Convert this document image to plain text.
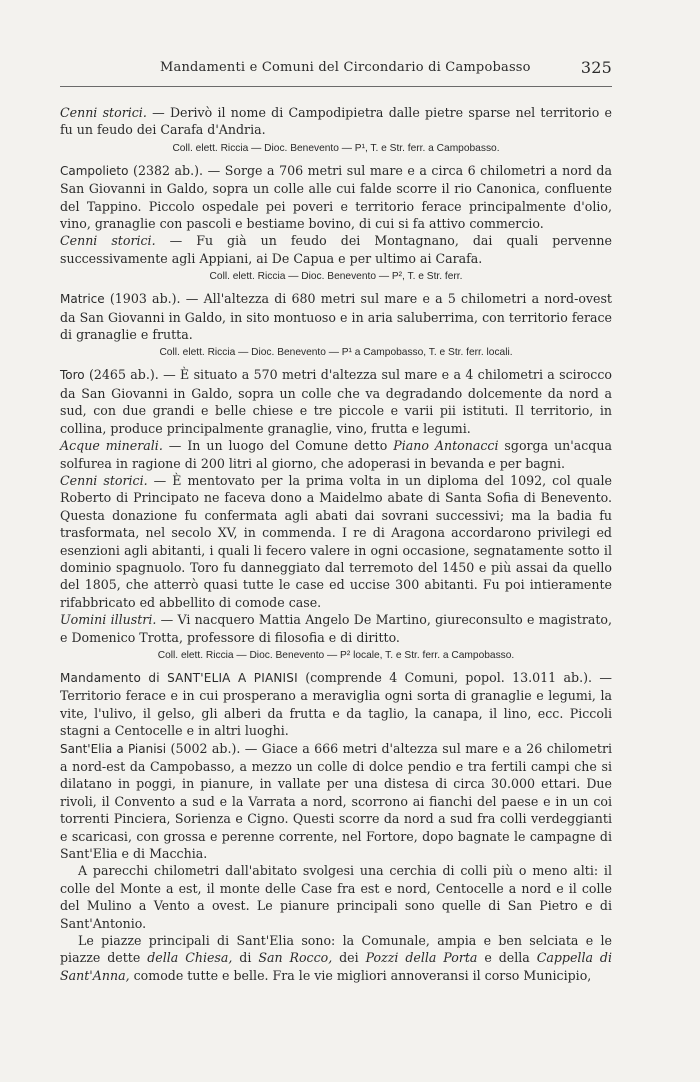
Mandamenti e Comuni del Circondario di Campobasso	325

Cenni storici. — Derivò il nome di Campodipietra dalle pietre sparse nel territorio e fu un feudo dei Carafa d'Andria.

Coll. elett. Riccia — Dioc. Benevento — P¹, T. e Str. ferr. a Campobasso.

Campolieto (2382 ab.). — Sorge a 706 metri sul mare e a circa 6 chilometri a nord da San Giovanni in Galdo, sopra un colle alle cui falde scorre il rio Canonica, confluente del Tappino. Piccolo ospedale pei poveri e territorio ferace principalmente d'olio, vino, granaglie con pascoli e bestiame bovino, di cui si fa attivo commercio.

Cenni storici. — Fu già un feudo dei Montagnano, dai quali pervenne successivamente agli Appiani, ai De Capua e per ultimo ai Carafa.

Coll. elett. Riccia — Dioc. Benevento — P², T. e Str. ferr.

Matrice (1903 ab.). — All'altezza di 680 metri sul mare e a 5 chilometri a nord-ovest da San Giovanni in Galdo, in sito montuoso e in aria saluberrima, con territorio ferace di granaglie e frutta.

Coll. elett. Riccia — Dioc. Benevento — P¹ a Campobasso, T. e Str. ferr. locali.

Toro (2465 ab.). — È situato a 570 metri d'altezza sul mare e a 4 chilometri a scirocco da San Giovanni in Galdo, sopra un colle che va degradando dolcemente da nord a sud, con due grandi e belle chiese e tre piccole e varii pii istituti. Il territorio, in collina, produce principalmente granaglie, vino, frutta e legumi.

Acque minerali. — In un luogo del Comune detto Piano Antonacci sgorga un'acqua solfurea in ragione di 200 litri al giorno, che adoperasi in bevanda e per bagni.

Cenni storici. — È mentovato per la prima volta in un diploma del 1092, col quale Roberto di Principato ne faceva dono a Maidelmo abate di Santa Sofia di Benevento. Questa donazione fu confermata agli abati dai sovrani successivi; ma la badia fu trasformata, nel secolo XV, in commenda. I re di Aragona accordarono privilegi ed esenzioni agli abitanti, i quali li fecero valere in ogni occasione, segnatamente sotto il dominio spagnuolo. Toro fu danneggiato dal terremoto del 1450 e più assai da quello del 1805, che atterrò quasi tutte le case ed uccise 300 abitanti. Fu poi intieramente rifabbricato ed abbellito di comode case.

Uomini illustri. — Vi nacquero Mattia Angelo De Martino, giureconsulto e magistrato, e Domenico Trotta, professore di filosofia e di diritto.

Coll. elett. Riccia — Dioc. Benevento — P² locale, T. e Str. ferr. a Campobasso.

Mandamento di SANT'ELIA A PIANISI (comprende 4 Comuni, popol. 13.011 ab.). — Territorio ferace e in cui prosperano a meraviglia ogni sorta di granaglie e legumi, la vite, l'ulivo, il gelso, gli alberi da frutta e da taglio, la canapa, il lino, ecc. Piccoli stagni a Centocelle e in altri luoghi.

Sant'Elia a Pianisi (5002 ab.). — Giace a 666 metri d'altezza sul mare e a 26 chilometri a nord-est da Campobasso, a mezzo un colle di dolce pendio e tra fertili campi che si dilatano in poggi, in pianure, in vallate per una distesa di circa 30.000 ettari. Due rivoli, il Convento a sud e la Varrata a nord, scorrono ai fianchi del paese e in un coi torrenti Pinciera, Sorienza e Cigno. Questi scorre da nord a sud fra colli verdeggianti e scaricasi, con grossa e perenne corrente, nel Fortore, dopo bagnate le campagne di Sant'Elia e di Macchia.

A parecchi chilometri dall'abitato svolgesi una cerchia di colli più o meno alti: il colle del Monte a est, il monte delle Case fra est e nord, Centocelle a nord e il colle del Mulino a Vento a ovest. Le pianure principali sono quelle di San Pietro e di Sant'Antonio.

Le piazze principali di Sant'Elia sono: la Comunale, ampia e ben selciata e le piazze dette della Chiesa, di San Rocco, dei Pozzi della Porta e della Cappella di Sant'Anna, comode tutte e belle. Fra le vie migliori annoveransi il corso Municipio,
